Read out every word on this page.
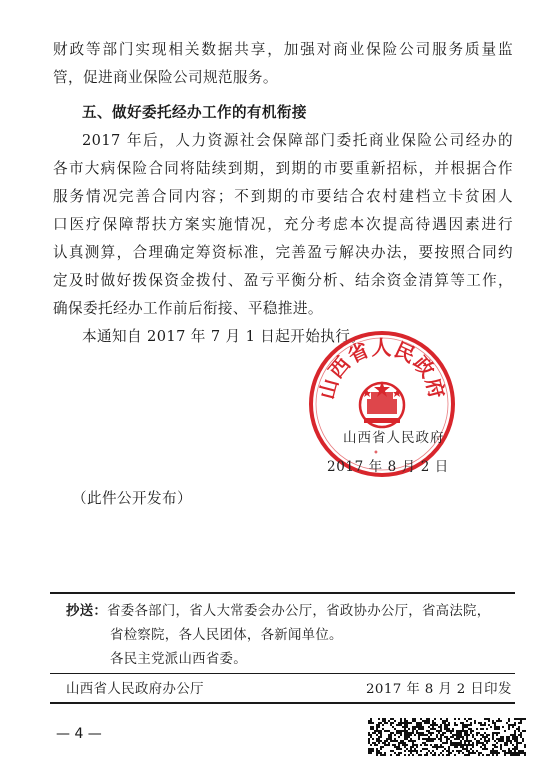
财政等部门实现相关数据共享，加强对商业保险公司服务质量监
管，促进商业保险公司规范服务。
五、做好委托经办工作的有机衔接
2017 年后，人力资源社会保障部门委托商业保险公司经办的
各市大病保险合同将陆续到期，到期的市要重新招标，并根据合作
服务情况完善合同内容；不到期的市要结合农村建档立卡贫困人
口医疗保障帮扶方案实施情况，充分考虑本次提高待遇因素进行
认真测算，合理确定筹资标准，完善盈亏解决办法，要按照合同约
定及时做好拨保资金拨付、盈亏平衡分析、结余资金清算等工作，
确保委托经办工作前后衔接、平稳推进。
本通知自 2017 年 7 月 1 日起开始执行。
山西省人民政府
•
山西省人民政府
2017 年 8 月 2 日
（此件公开发布）
抄送：省委各部门，省人大常委会办公厅，省政协办公厅，省高法院，
省检察院，各人民团体，各新闻单位。
各民主党派山西省委。
山西省人民政府办公厅	2017 年 8 月 2 日印发
— 4 —
